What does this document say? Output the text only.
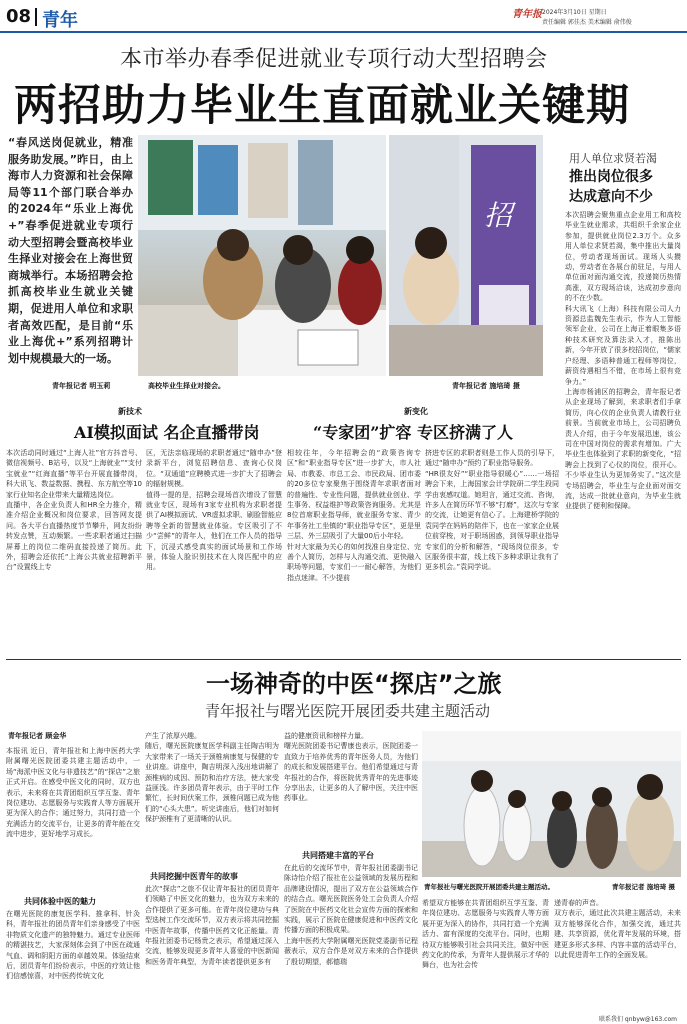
08 青年	青年报 2024年3月10日 星期日
责任编辑 郭佳杰 美术编辑 俞伟俊
本市举办春季促进就业专项行动大型招聘会
两招助力毕业生直面就业关键期
“春风送岗促就业，精准服务助发展。”昨日，由上海市人力资源和社会保障局等11个部门联合举办的2024年“乐业上海优+”春季促进就业专项行动大型招聘会暨高校毕业生择业对接会在上海世贸商城举行。本场招聘会抢抓高校毕业生就业关键期，促进用人单位和求职者高效匹配，是目前“乐业上海优+”系列招聘计划中规模最大的一场。
青年报记者 明玉莉	高校毕业生择业对接会。
招
青年报记者 施培琦 摄
用人单位求贤若渴
推出岗位很多
达成意向不少
本次招聘会聚焦重点企业用工和高校毕业生就业需求，共组织千余家企业参加，提供就业岗位2.3万个。众多用人单位求贤若渴，集中推出大量岗位，劳动者现场面试。现场人头攒动，劳动者在各展台前驻足，与用人单位面对面沟通交流，投递简历热情高涨，双方现场洽谈，达成初步意向的不在少数。
科大讯飞（上海）科技有限公司人力资源总监魏先生表示，作为人工智能领军企业，公司在上海正着眼集多语种技术研究及算法录入才，推陈出新，今年开放了很多校招岗位，“儒家户经理、多语种普通工程师等岗位，薪资待遇相当不错，在市场上很有竞争力。”
上海市杨浦区的招聘会，青年报记者从企业现场了解到，来求职者们手拿简历，向心仪的企业负责人请教行业前景。当前就业市场上，公司招聘负责人介绍，由于今年发展迅速，该公司在中国对岗位的需求有增加。广大毕业生也体验到了求职的新变化，“招聘会上找到了心仪的岗位，很开心。不少毕业生认为更加务实了。”这次是专场招聘会，毕业生与企业面对面交流，达成一批就业意向，为毕业生就业提供了便利和保障。
新技术
AI模拟面试 名企直播带岗
新变化
“专家团”扩容 专区挤满了人
本次活动同时通过“上海人社”官方抖音号、微信视频号、B站号，以及“上海就业”“支付宝就业”“红海直播”等平台开展直播带岗，科大讯飞、数益数据、携程、东方航空等10家行业知名企业带来大量精选岗位。
直播中，各企业负责人和HR全力推介，精准介绍企业概况和岗位要求，回答网友提问。各大平台直播热度节节攀升，网友纷纷转发点赞，互动频繁。一些求职者通过扫描屏幕上的岗位二维码直接投递了简历。此外，招聘会还依托“上海公共就业招聘新平台”设置线上专
区，无法亲临现场的求职者通过“随申办”登录新平台，浏览招聘信息、查询心仪岗位。“双通道”应聘模式进一步扩大了招聘会的辐射规模。
值得一提的是，招聘会现场首次增设了智慧就业专区，现场有3家专业机构为求职者提供了AI模拟面试、VR虚拟求职、刷脸智能应聘等全新的智慧就业体验。专区吸引了不少“尝鲜”的青年人，他们在工作人员的指导下，沉浸式感受真实的面试场景和工作场景，体验人脸识别技术在人岗匹配中的应用。
相较往年，今年招聘会的“政策咨询专区”和“职业指导专区”进一步扩大，市人社局、市教委、市总工会、市民政局、团市委的20多位专家聚焦于围绕青年求职者面对的普遍性、专业性问题，提供就业创业、学生事务、权益维护等政策咨询服务。尤其是8位首席职业指导师，就业服务专家、青少年事务社工坐镇的“职业指导专区”，更是里三层、外三层吸引了大量00后小年轻。
针对大家最为关心的如何找准自身定位、完善个人简历，怎样与人沟通交流、更快融入职场等问题，专家们一一耐心解答，为他们指点迷津。不少提前
挤进专区的求职者则是工作人员的引导下，通过“随申办”预约了职业指导服务。
“HR很友好”“职业指导很暖心”……一场招聘会下来，上海国家会计学院研二学生段同学由衷感叹道。她坦言，通过交流、咨询，许多人在简历环节不够“打磨”，这次与专家的交流，让她更有信心了。上海建桥学院的袁同学在妈妈的陪伴下，也在一家家企业展位前穿梭，对于职场困惑，到领导职业指导专家们的分析和解答，“现场岗位很多，专区服务很丰富，线上线下多种求职让我有了更多机会。”袁同学说。
一场神奇的中医“探店”之旅
青年报社与曙光医院开展团委共建主题活动
青年报记者 顾金华
本报讯 近日，青年报社和上海中医药大学附属曙光医院团委共建主题活动中，一场“海派中医文化与非遗技艺”的“探店”之旅正式开启。在感受中医文化的同时，双方也表示，未来将在共青团组织互学互鉴、青年岗位建功、志愿服务与实践育人等方面展开更为深入的合作；通过努力，共同打造一个充满活力的交流平台，让更多的青年能在交流中进步，更好地学习成长。
共同体验中医的魅力
在曙光医院的康复医学科、推拿科、针灸科，青年报社的团员青年们亲身感受了中医非物质文化遗产的独特魅力。通过专业医师的精湛技艺，大家深刻体会到了中医在疏通气血、调和阴阳方面的卓越效果。体验结束后，团员青年们纷纷表示，中医的疗效让他们信感惊喜，对中医药传统文化
产生了浓厚兴趣。
随后，曙光医院康复医学科副主任陶吉明为大家带来了一场关于颈椎病康复与保健的专业讲座。讲座中，陶吉明深入浅出地讲解了颈椎病的成因、预防和治疗方法，使大家受益匪浅。许多团员青年表示，由于平时工作繁忙，长时间伏案工作，颈椎问题已成为他们的“心头大患”。听完讲座后，他们对如何保护颈椎有了更清晰的认识。
共同挖掘中医青年的故事
此次“探店”之旅不仅让青年报社的团员青年们领略了中医文化的魅力，也为双方未来的合作提供了更多可能。在青年岗位建功与典型选树工作交流环节，双方表示将共同挖掘中医青年故事，传播中医药文化正能量。青年报社团委书记杨贵之表示，希望通过深入交流，能够发现更多青年人喜爱的中医新闻和医务青年典型，为青年读者提供更多有
益的健康资讯和榜样力量。
曙光医院团委书记曹康也表示，医院团委一直致力于培养优秀的青年医务人员，为他们的成长和发展搭建平台。他们希望通过与青年报社的合作，将医院优秀青年的先进事迹分享出去，让更多的人了解中医，关注中医药事业。
共同搭建丰富的平台
在此后的交流环节中，青年报社团委副书记陈诗怡介绍了报社在公益领域的发展历程和品牌建设情况，提出了双方在公益领域合作的结合点。曙光医院医务处工会负责人介绍了医院在中医药文化社会宣传方面的探索和实践，展示了医院在健康促进和中医药文化传播方面的积极成果。
上海中医药大学附属曙光医院党委副书记程薇表示，双方合作是对双方未来的合作提供了殷切期望，郝德瑞
青年报社与曙光医院开展团委共建主题活动。	青年报记者 施培琦 摄
希望双方能够在共青团组织互学互鉴、青年岗位建功、志愿服务与实践育人等方面展开更为深入的协作，共同打造一个充满活力、富有深度的交流平台。同时，也期待双方能够吸引社会共同关注，做好中医药文化的传承，为青年人提供展示才华的舞台，也为社会传
递青春的声音。
双方表示，通过此次共建主题活动，未来双方能够深化合作，加强交流，通过共建、共享资源，优化青年发展的环境，搭建更多形式多样、内容丰富的活动平台，以此促进青年工作的全面发展。
联系我们 qnbyw@163.com
